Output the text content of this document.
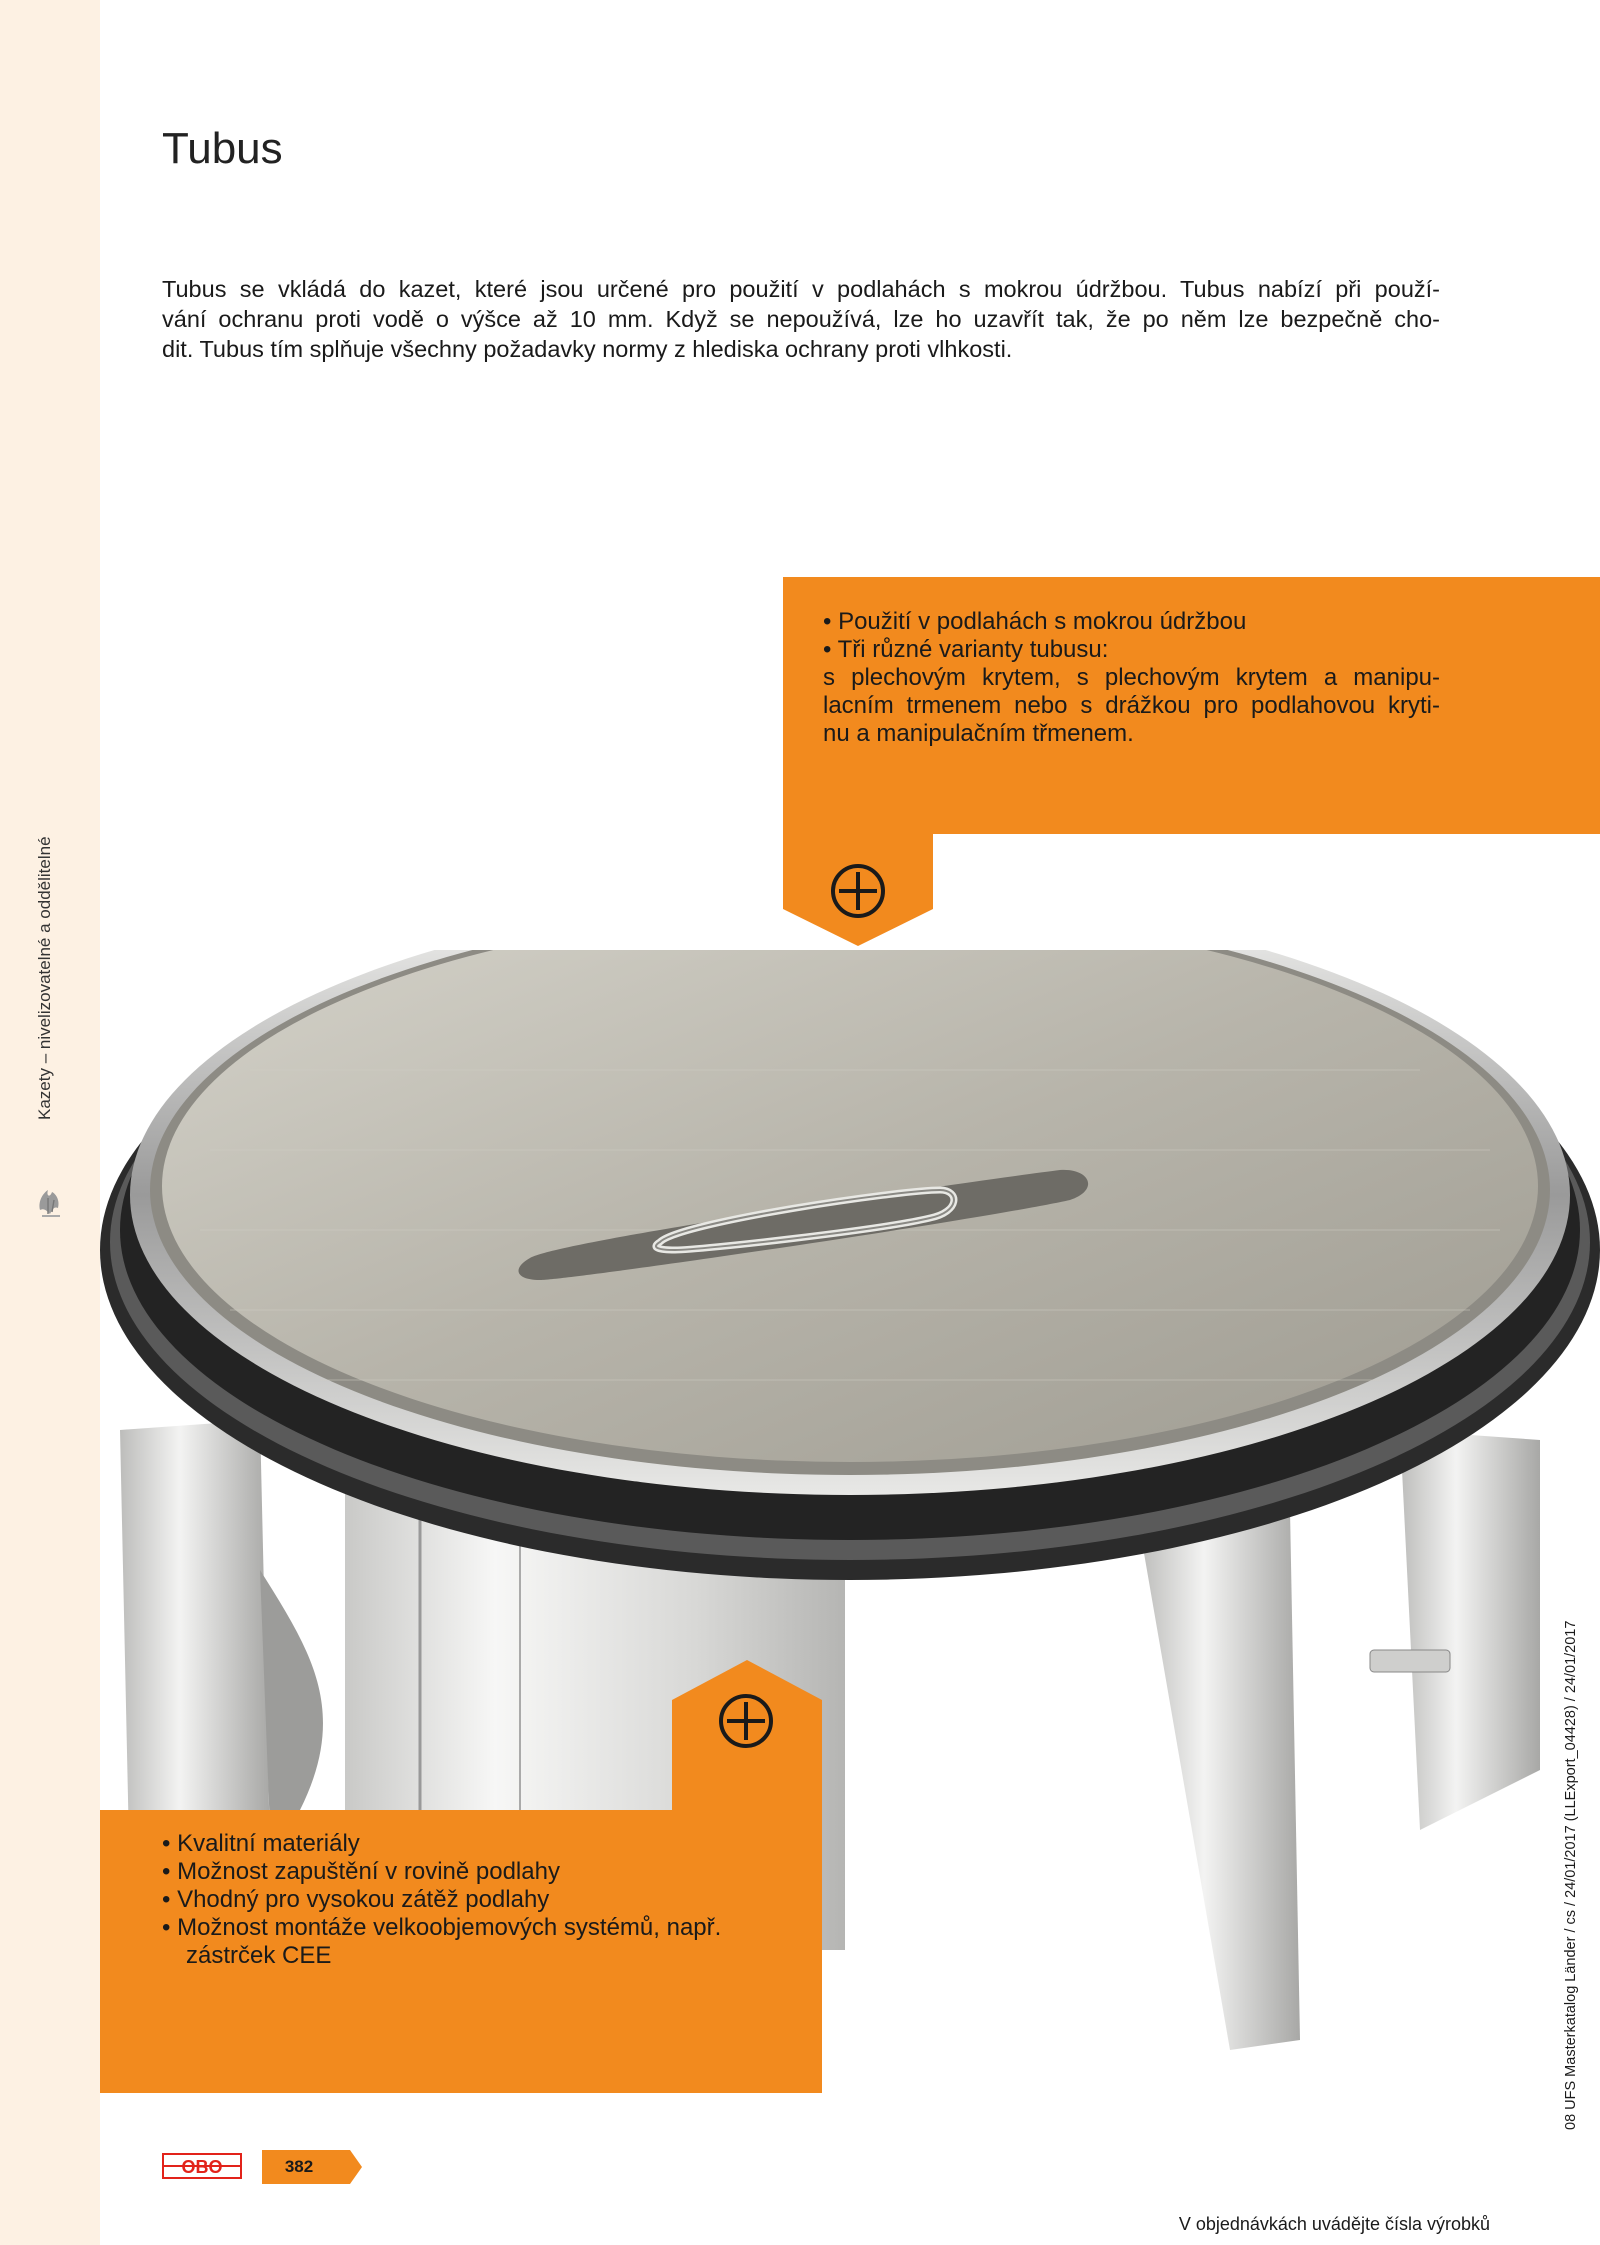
Kazety – nivelizovatelné a oddělitelné
Tubus

Tubus se vkládá do kazet, které jsou určené pro použití v podlahách s mokrou údržbou. Tubus nabízí při použí-
vání ochranu proti vodě o výšce až 10 mm. Když se nepoužívá, lze ho uzavřít tak, že po něm lze bezpečně cho-
dit. Tubus tím splňuje všechny požadavky normy z hlediska ochrany proti vlhkosti.

• Použití v podlahách s mokrou údržbou
• Tři různé varianty tubusu:
s plechovým krytem, s plechovým krytem a manipu-
lacním trmenem nebo s drážkou pro podlahovou kryti-
nu a manipulačním třmenem.
• Kvalitní materiály
• Možnost zapuštění v rovině podlahy
• Vhodný pro vysokou zátěž podlahy
• Možnost montáže velkoobjemových systémů, např.
zástrček CEE
OBO	382
V objednávkách uvádějte čísla výrobků
08 UFS Masterkatalog Länder / cs / 24/01/2017 (LLExport_04428) / 24/01/2017
